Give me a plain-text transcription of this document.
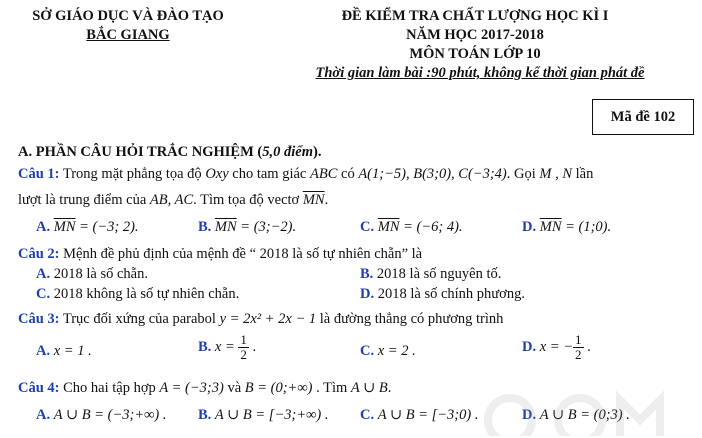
SỞ GIÁO DỤC VÀ ĐÀO TẠO
BẮC GIANG
ĐỀ KIỂM TRA CHẤT LƯỢNG HỌC KÌ I
NĂM HỌC 2017-2018
MÔN TOÁN LỚP 10
Thời gian làm bài :90 phút, không kể thời gian phát đề
Mã đề 102
A. PHẦN CÂU HỎI TRẮC NGHIỆM (5,0 điểm).
Câu 1: Trong mặt phẳng tọa độ Oxy cho tam giác ABC có A(1;−5), B(3;0), C(−3;4). Gọi M , N lần
lượt là trung điểm của AB, AC. Tìm tọa độ vectơ $\overline{MN}$.
A. $\overline{MN} = (-3$; 2).	B. $\overline{MN}$ = (3;−2).	C. $\overline{MN} = (-6$; 4).	D. $\overline{MN}$ = (1;0).
Câu 2: Mệnh đề phủ định của mệnh đề “ 2018 là số tự nhiên chẵn” là
A. 2018 là số chẵn.	B. 2018 là số nguyên tố.
C. 2018 không là số tự nhiên chẵn.	D. 2018 là số chính phương.
Câu 3: Trục đối xứng của parabol y = 2x² + 2x − 1 là đường thẳng có phương trình
A. x = 1 .	B. $x = \frac{1}{2}$ .	C. x = 2 .	D. x = − $\frac{1}{2}$ .
Câu 4: Cho hai tập hợp A = (−3;3) và B = (0;+∞) . Tìm A ∪ B.
A. A ∪ B = (−3;+∞) . B. A ∪ B = [−3;+∞) . C. A ∪ B = [−3;0) .	D. A ∪ B = (0;3) .
